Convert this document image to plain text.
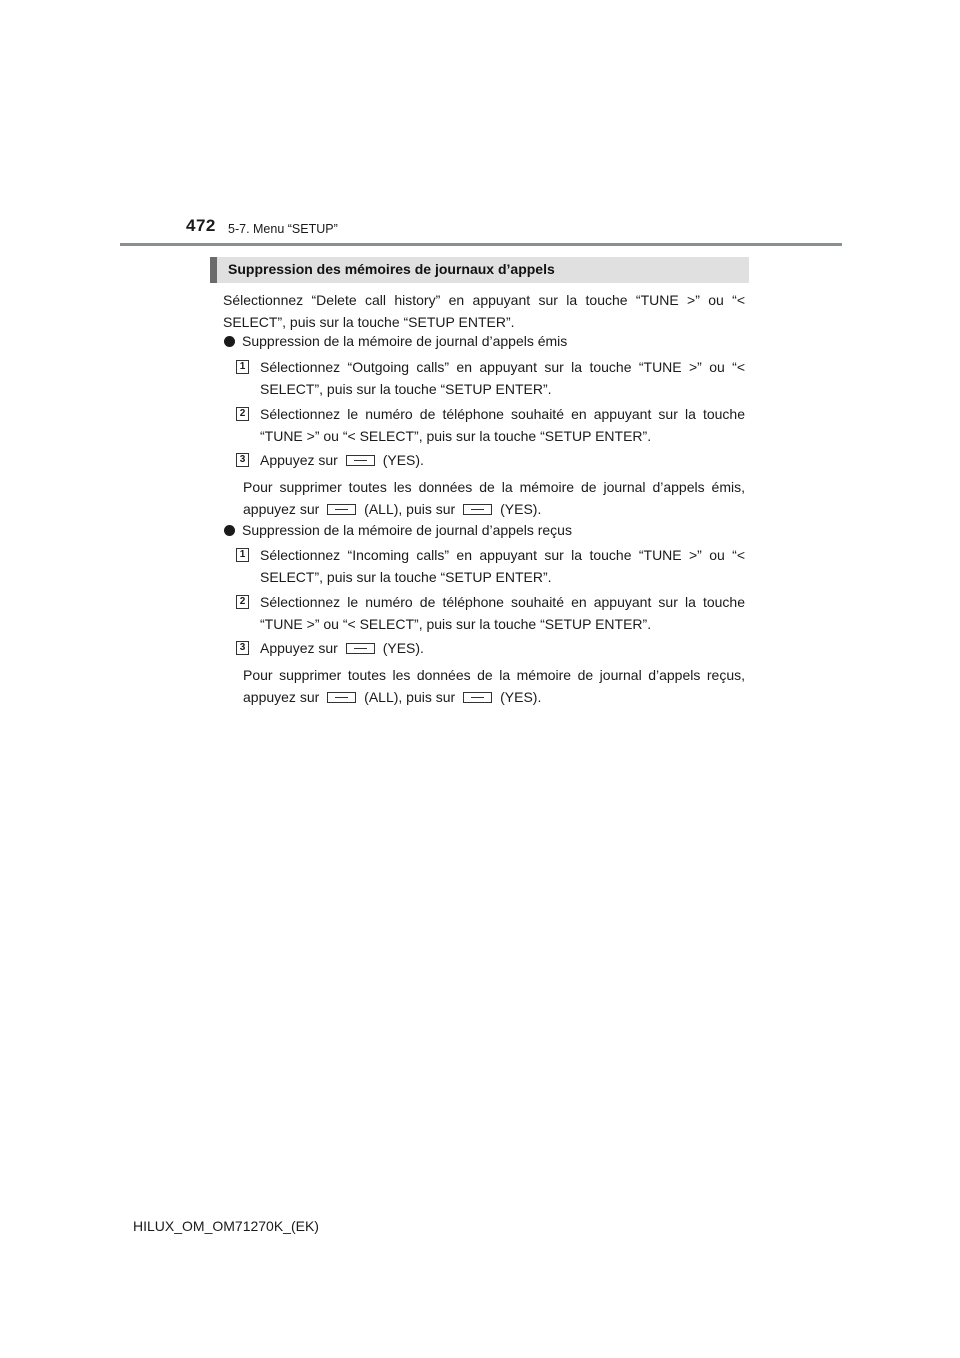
472 5-7. Menu “SETUP”
Suppression des mémoires de journaux d’appels

Sélectionnez “Delete call history” en appuyant sur la touche “TUNE >” ou “< SELECT”, puis sur la touche “SETUP ENTER”.

Suppression de la mémoire de journal d’appels émis
1 Sélectionnez “Outgoing calls” en appuyant sur la touche “TUNE >” ou “< SELECT”, puis sur la touche “SETUP ENTER”.

2 Sélectionnez le numéro de téléphone souhaité en appuyant sur la touche “TUNE >” ou “< SELECT”, puis sur la touche “SETUP ENTER”.

3 Appuyez sur	(YES).

Pour supprimer toutes les données de la mémoire de journal d’appels émis, appuyez sur	(ALL), puis sur	(YES).

Suppression de la mémoire de journal d’appels reçus
1 Sélectionnez “Incoming calls” en appuyant sur la touche “TUNE >” ou “< SELECT”, puis sur la touche “SETUP ENTER”.

2 Sélectionnez le numéro de téléphone souhaité en appuyant sur la touche “TUNE >” ou “< SELECT”, puis sur la touche “SETUP ENTER”.

3 Appuyez sur	(YES).

Pour supprimer toutes les données de la mémoire de journal d’appels reçus, appuyez sur	(ALL), puis sur	(YES).

HILUX_OM_OM71270K_(EK)
